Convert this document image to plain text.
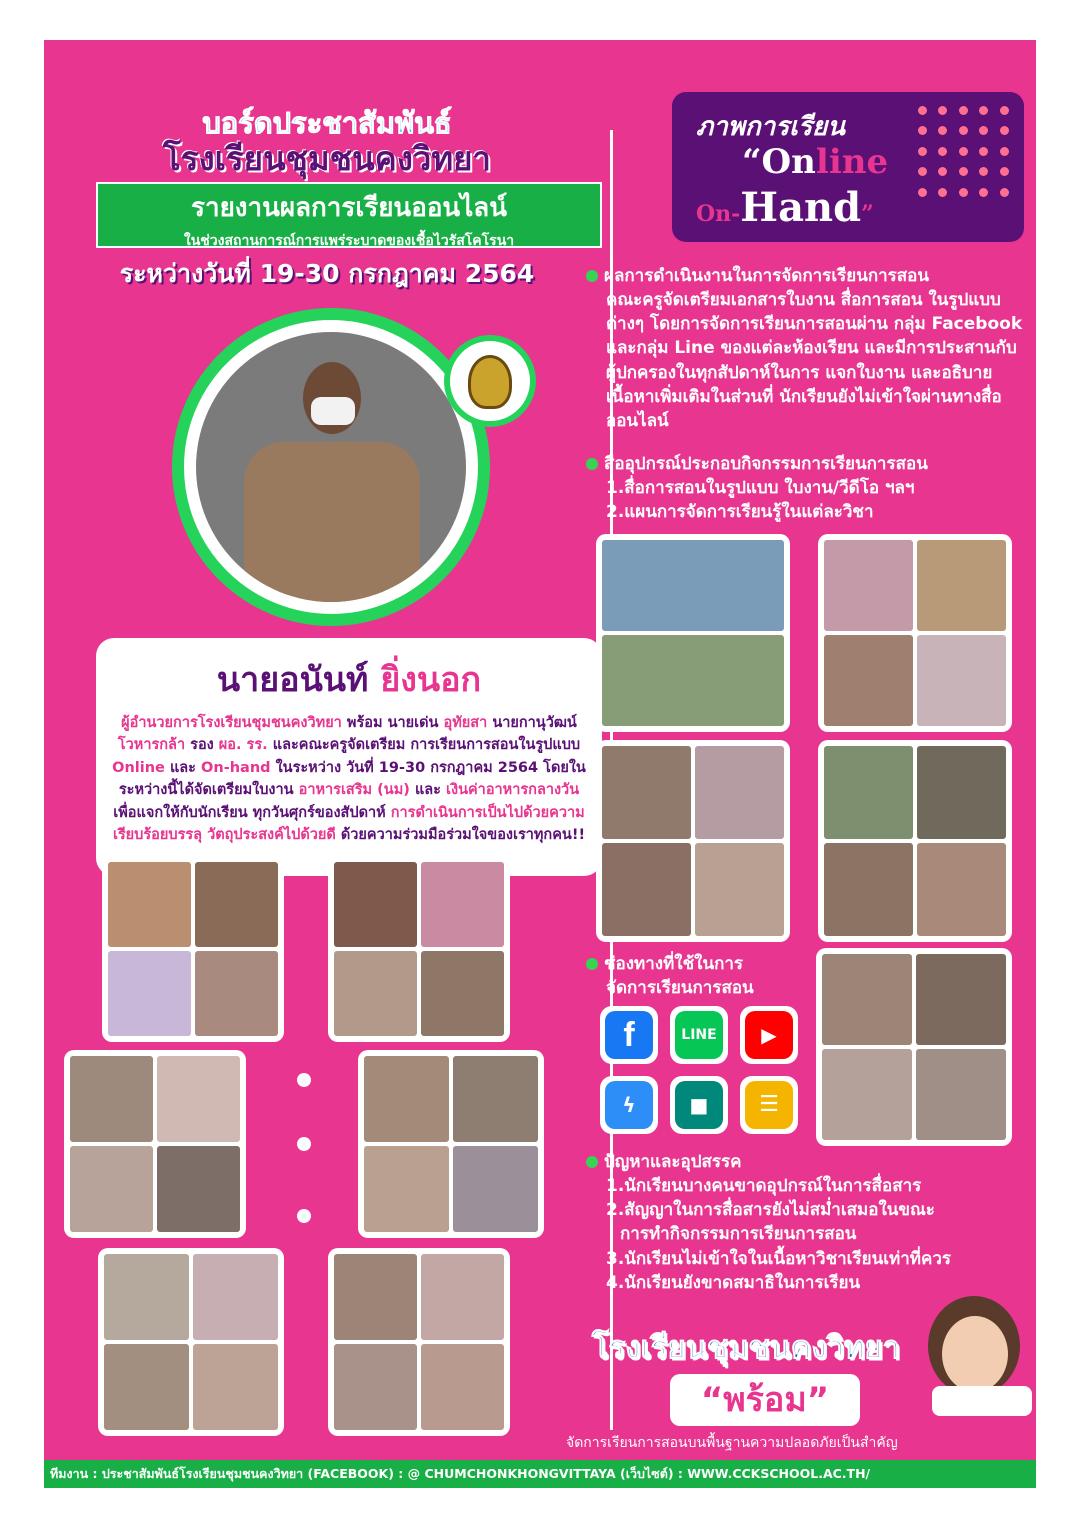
บอร์ดประชาสัมพันธ์
โรงเรียนชุมชนคงวิทยา
รายงานผลการเรียนออนไลน์
ในช่วงสถานการณ์การแพร่ระบาดของเชื้อไวรัสโคโรนา
ระหว่างวันที่ 19-30 กรกฎาคม 2564
นายอนันท์ ยิ่งนอก
ผู้อำนวยการโรงเรียนชุมชนคงวิทยา พร้อม นายเด่น อุทัยสา นายกานุวัฒน์ โวหารกล้า รอง ผอ. รร. และคณะครูจัดเตรียม การเรียนการสอนในรูปแบบ Online และ On-hand ในระหว่าง วันที่ 19-30 กรกฎาคม 2564 โดยในระหว่างนี้ได้จัดเตรียมใบงาน อาหารเสริม (นม) และ เงินค่าอาหารกลางวัน เพื่อแจกให้กับนักเรียน ทุกวันศุกร์ของสัปดาห์ การดำเนินการเป็นไปด้วยความเรียบร้อยบรรลุ วัตถุประสงค์ไปด้วยดี ด้วยความร่วมมือร่วมใจของเราทุกคน!!
ภาพการเรียน
“Online
On-Hand”
ผลการดำเนินงานในการจัดการเรียนการสอน
คณะครูจัดเตรียมเอกสารใบงาน สื่อการสอน ในรูปแบบต่างๆ โดยการจัดการเรียนการสอนผ่าน กลุ่ม Facebook และกลุ่ม Line ของแต่ละห้องเรียน และมีการประสานกับผู้ปกครองในทุกสัปดาห์ในการ แจกใบงาน และอธิบายเนื้อหาเพิ่มเติมในส่วนที่ นักเรียนยังไม่เข้าใจผ่านทางสื่อออนไลน์
สื่ออุปกรณ์ประกอบกิจกรรมการเรียนการสอน
1.สื่อการสอนในรูปแบบ ใบงาน/วีดีโอ ฯลฯ
2.แผนการจัดการเรียนรู้ในแต่ละวิชา
ช่องทางที่ใช้ในการ
จัดการเรียนการสอน
f	LINE	▶
ϟ	■	☰
ปัญหาและอุปสรรค
1.นักเรียนบางคนขาดอุปกรณ์ในการสื่อสาร
2.สัญญาในการสื่อสารยังไม่สม่ำเสมอในขณะ
การทำกิจกรรมการเรียนการสอน
3.นักเรียนไม่เข้าใจในเนื้อหาวิชาเรียนเท่าที่ควร
4.นักเรียนยังขาดสมาธิในการเรียน
โรงเรียนชุมชนคงวิทยา
“พร้อม”
จัดการเรียนการสอนบนพื้นฐานความปลอดภัยเป็นสำคัญ
ทีมงาน : ประชาสัมพันธ์โรงเรียนชุมชนคงวิทยา (FACEBOOK) : @ CHUMCHONKHONGVITTAYA (เว็บไซต์) : WWW.CCKSCHOOL.AC.TH/
